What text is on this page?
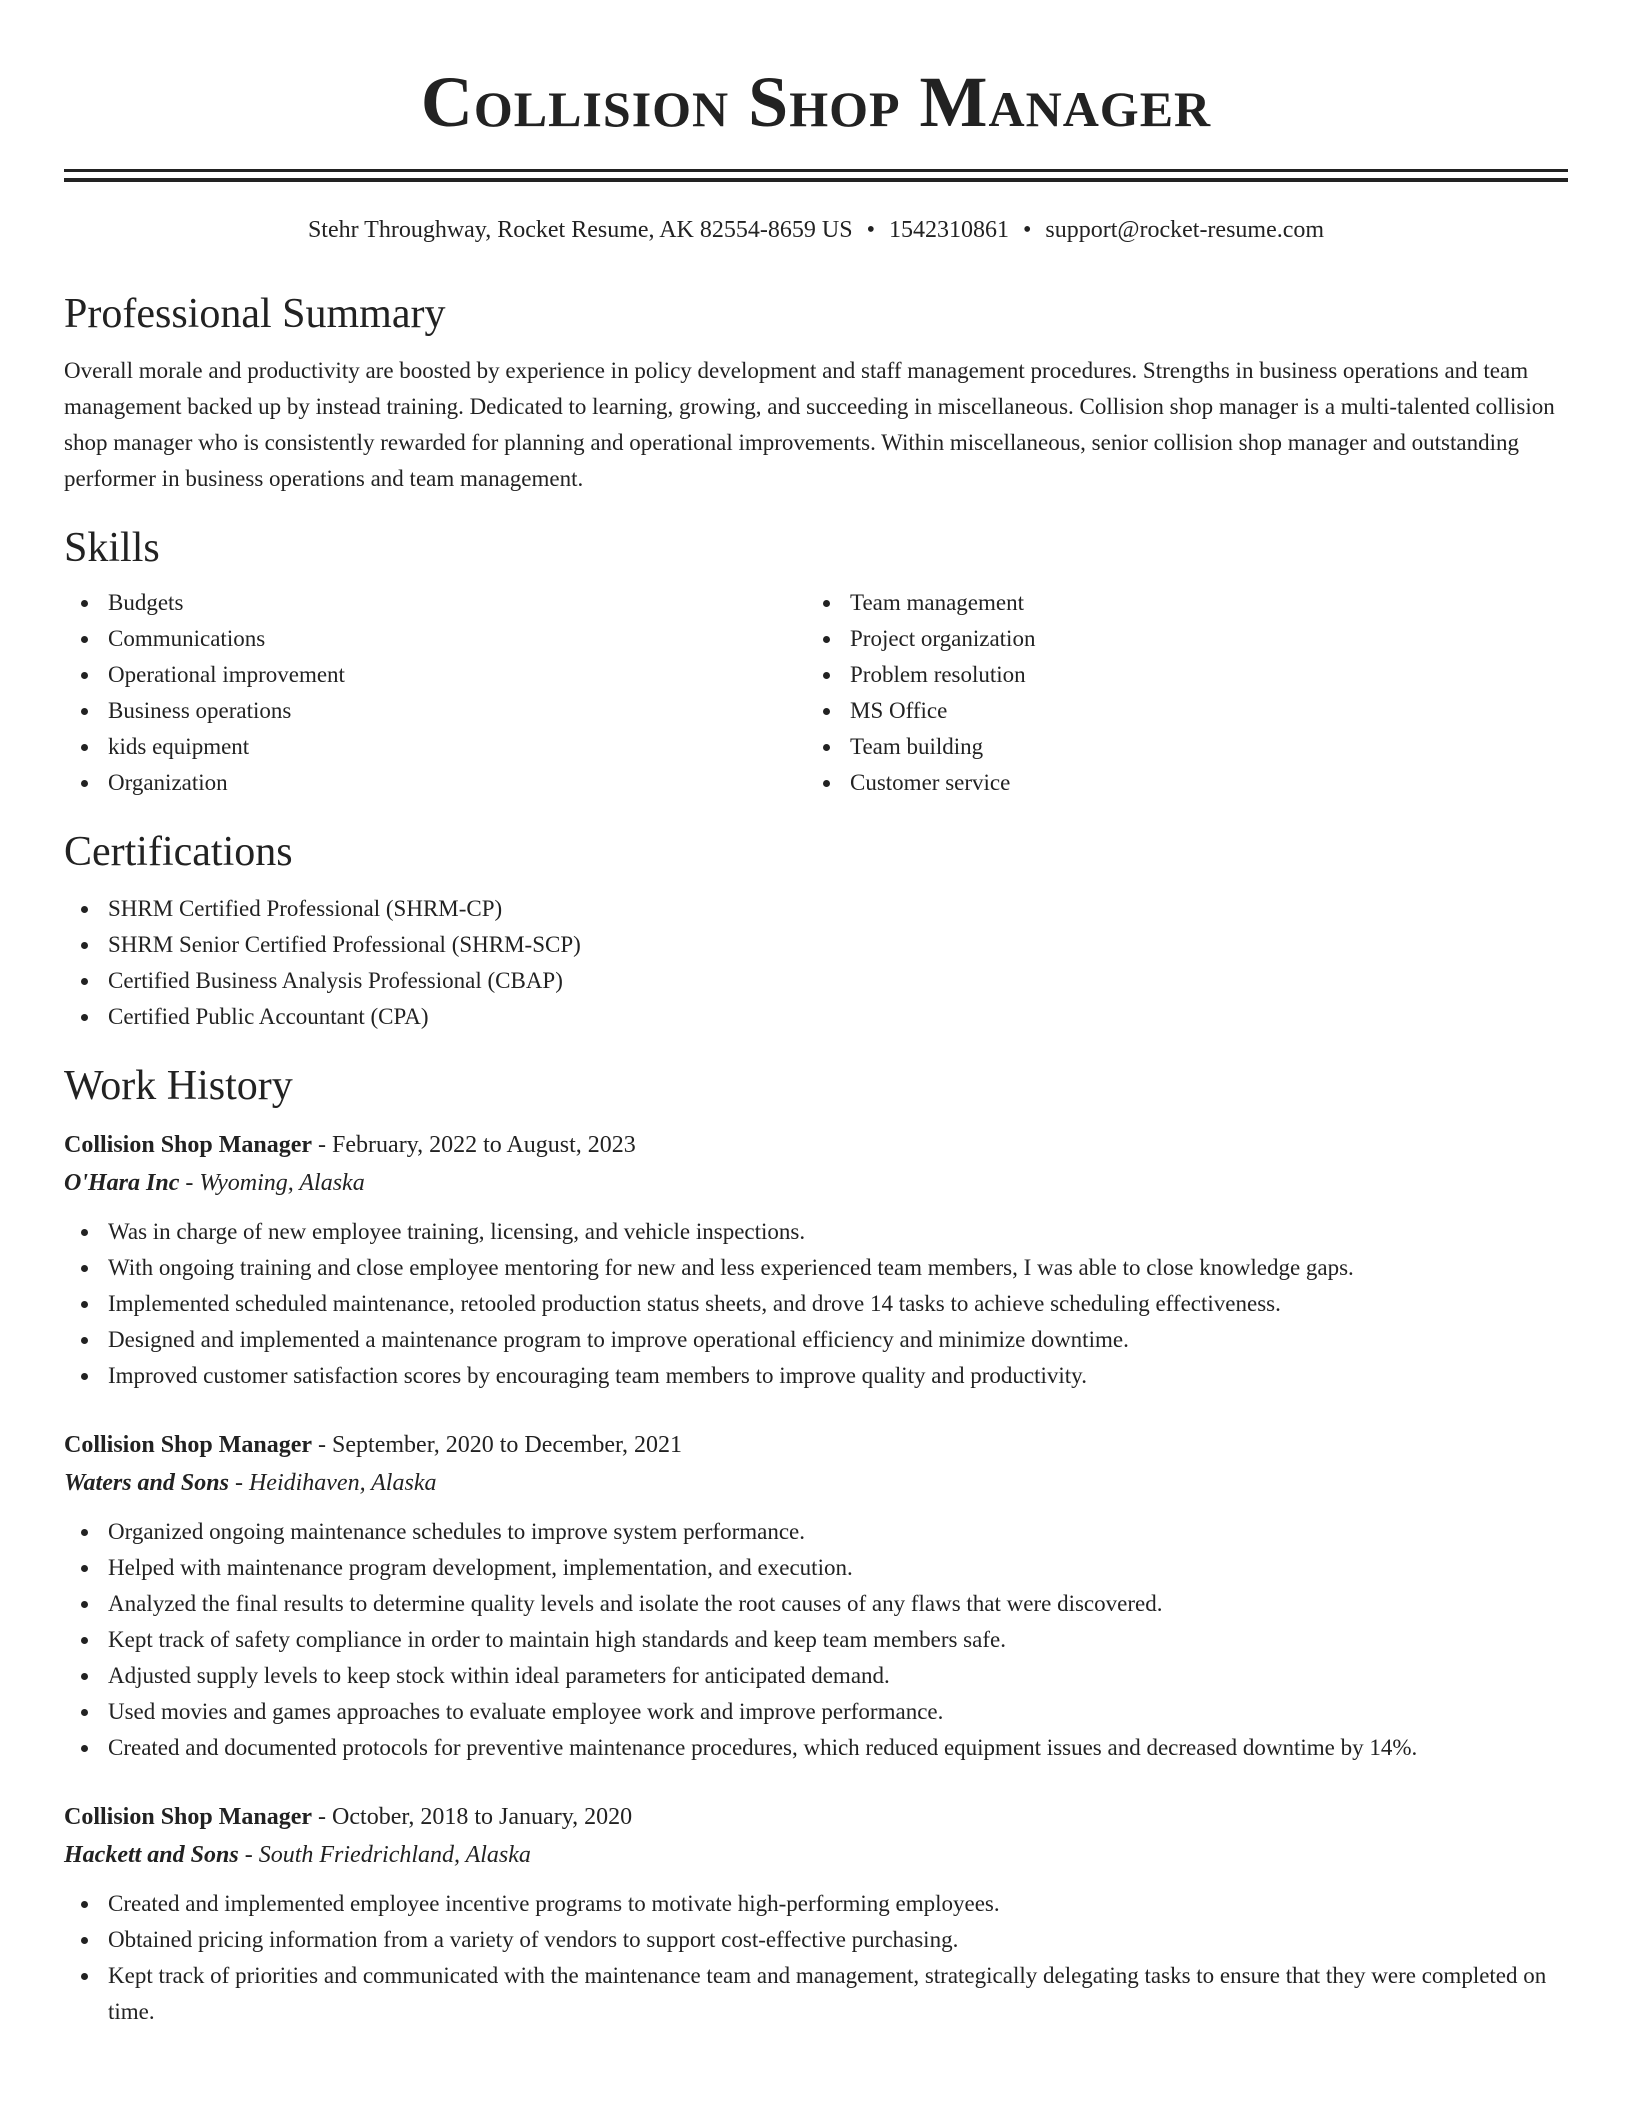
Collision Shop Manager
Stehr Throughway, Rocket Resume, AK 82554-8659 US • 1542310861 • support@rocket-resume.com
Professional Summary

Overall morale and productivity are boosted by experience in policy development and staff management procedures. Strengths in business operations and team management backed up by instead training. Dedicated to learning, growing, and succeeding in miscellaneous. Collision shop manager is a multi-talented collision shop manager who is consistently rewarded for planning and operational improvements. Within miscellaneous, senior collision shop manager and outstanding performer in business operations and team management.

Skills
Budgets
Communications
Operational improvement
Business operations
kids equipment
Organization
Team management
Project organization
Problem resolution
MS Office
Team building
Customer service
Certifications
SHRM Certified Professional (SHRM-CP)
SHRM Senior Certified Professional (SHRM-SCP)
Certified Business Analysis Professional (CBAP)
Certified Public Accountant (CPA)
Work History
Collision Shop Manager - February, 2022 to August, 2023
O'Hara Inc - Wyoming, Alaska
Was in charge of new employee training, licensing, and vehicle inspections.
With ongoing training and close employee mentoring for new and less experienced team members, I was able to close knowledge gaps.
Implemented scheduled maintenance, retooled production status sheets, and drove 14 tasks to achieve scheduling effectiveness.
Designed and implemented a maintenance program to improve operational efficiency and minimize downtime.
Improved customer satisfaction scores by encouraging team members to improve quality and productivity.
Collision Shop Manager - September, 2020 to December, 2021
Waters and Sons - Heidihaven, Alaska
Organized ongoing maintenance schedules to improve system performance.
Helped with maintenance program development, implementation, and execution.
Analyzed the final results to determine quality levels and isolate the root causes of any flaws that were discovered.
Kept track of safety compliance in order to maintain high standards and keep team members safe.
Adjusted supply levels to keep stock within ideal parameters for anticipated demand.
Used movies and games approaches to evaluate employee work and improve performance.
Created and documented protocols for preventive maintenance procedures, which reduced equipment issues and decreased downtime by 14%.
Collision Shop Manager - October, 2018 to January, 2020
Hackett and Sons - South Friedrichland, Alaska
Created and implemented employee incentive programs to motivate high-performing employees.
Obtained pricing information from a variety of vendors to support cost-effective purchasing.
Kept track of priorities and communicated with the maintenance team and management, strategically delegating tasks to ensure that they were completed on time.
